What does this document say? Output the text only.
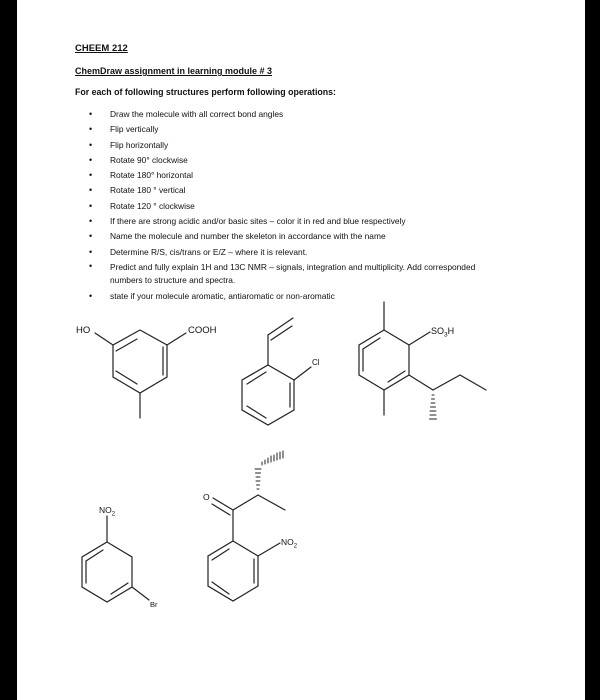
CHEEM 212
ChemDraw assignment in learning module # 3
For each of following structures perform following operations:
• Draw the molecule with all correct bond angles
• Flip vertically
• Flip horizontally
• Rotate 90° clockwise
• Rotate 180° horizontal
• Rotate 180 ° vertical
• Rotate 120 ° clockwise
• If there are strong acidic and/or basic sites – color it in red and blue respectively
• Name the molecule and number the skeleton in accordance with the name
• Determine R/S, cis/trans or E/Z – where it is relevant.
• Predict and fully explain 1H and 13C NMR – signals, integration and multiplicity. Add corresponded numbers to structure and spectra.
• state if your molecule aromatic, antiaromatic or non-aromatic
HO	COOH
Cl
$SO_3H$
$NO_2$
Br
O
$NO_2$
